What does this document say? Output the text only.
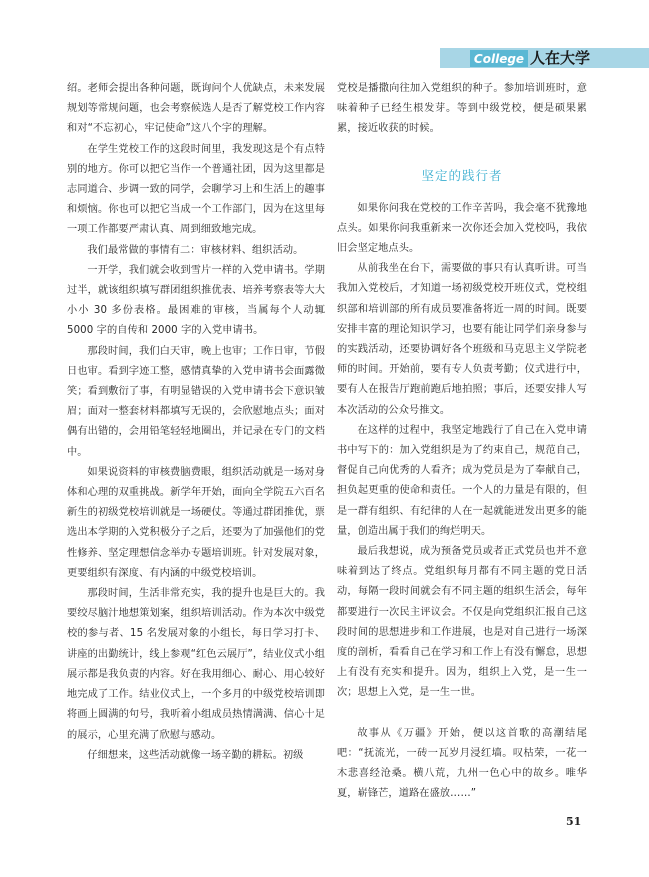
College 人在大学

绍。老师会提出各种问题，既询问个人优缺点，未来发展规划等常规问题，也会考察候选人是否了解党校工作内容和对“不忘初心，牢记使命”这八个字的理解。

在学生党校工作的这段时间里，我发现这是个有点特别的地方。你可以把它当作一个普通社团，因为这里都是志同道合、步调一致的同学，会聊学习上和生活上的趣事和烦恼。你也可以把它当成一个工作部门，因为在这里每一项工作都要严肃认真、周到细致地完成。

我们最常做的事情有二：审核材料、组织活动。

一开学，我们就会收到雪片一样的入党申请书。学期过半，就该组织填写群团组织推优表、培养考察表等大大小小 30 多份表格。最困难的审核，当属每个人动辄 5000 字的自传和 2000 字的入党申请书。

那段时间，我们白天审，晚上也审；工作日审，节假日也审。看到字迹工整，感情真挚的入党申请书会面露微笑；看到敷衍了事，有明显错误的入党申请书会下意识皱眉；面对一整套材料都填写无误的，会欣慰地点头；面对偶有出错的，会用铅笔轻轻地圈出，并记录在专门的文档中。

如果说资料的审核费脑费眼，组织活动就是一场对身体和心理的双重挑战。新学年开始，面向全学院五六百名新生的初级党校培训就是一场硬仗。等通过群团推优，票选出本学期的入党积极分子之后，还要为了加强他们的党性修养、坚定理想信念举办专题培训班。针对发展对象，更要组织有深度、有内涵的中级党校培训。

那段时间，生活非常充实，我的提升也是巨大的。我要绞尽脑汁地想策划案，组织培训活动。作为本次中级党校的参与者、15 名发展对象的小组长，每日学习打卡、讲座的出勤统计，线上参观“红色云展厅”，结业仪式小组展示都是我负责的内容。好在我用细心、耐心、用心较好地完成了工作。结业仪式上，一个多月的中级党校培训即将画上圆满的句号，我听着小组成员热情满满、信心十足的展示，心里充满了欣慰与感动。

仔细想来，这些活动就像一场辛勤的耕耘。初级

党校是播撒向往加入党组织的种子。参加培训班时，意味着种子已经生根发芽。等到中级党校，便是硕果累累，接近收获的时候。

坚定的践行者

如果你问我在党校的工作辛苦吗，我会毫不犹豫地点头。如果你问我重新来一次你还会加入党校吗，我依旧会坚定地点头。

从前我坐在台下，需要做的事只有认真听讲。可当我加入党校后，才知道一场初级党校开班仪式，党校组织部和培训部的所有成员要准备将近一周的时间。既要安排丰富的理论知识学习，也要有能让同学们亲身参与的实践活动，还要协调好各个班级和马克思主义学院老师的时间。开始前，要有专人负责考勤；仪式进行中，要有人在报告厅跑前跑后地拍照；事后，还要安排人写本次活动的公众号推文。

在这样的过程中，我坚定地践行了自己在入党申请书中写下的：加入党组织是为了约束自己，规范自己，督促自己向优秀的人看齐；成为党员是为了奉献自己，担负起更重的使命和责任。一个人的力量是有限的，但是一群有组织、有纪律的人在一起就能迸发出更多的能量，创造出属于我们的绚烂明天。

最后我想说，成为预备党员或者正式党员也并不意味着到达了终点。党组织每月都有不同主题的党日活动，每隔一段时间就会有不同主题的组织生活会，每年都要进行一次民主评议会。不仅是向党组织汇报自己这段时间的思想进步和工作进展，也是对自己进行一场深度的剖析，看看自己在学习和工作上有没有懈怠，思想上有没有充实和提升。因为，组织上入党，是一生一次；思想上入党，是一生一世。

故事从《万疆》开始，便以这首歌的高潮结尾吧：“抚流光，一砖一瓦岁月浸红墙。叹枯荣，一花一木悲喜经沧桑。横八荒，九州一色心中的故乡。唯华夏，崭锋芒，道路在盛放……”

51
